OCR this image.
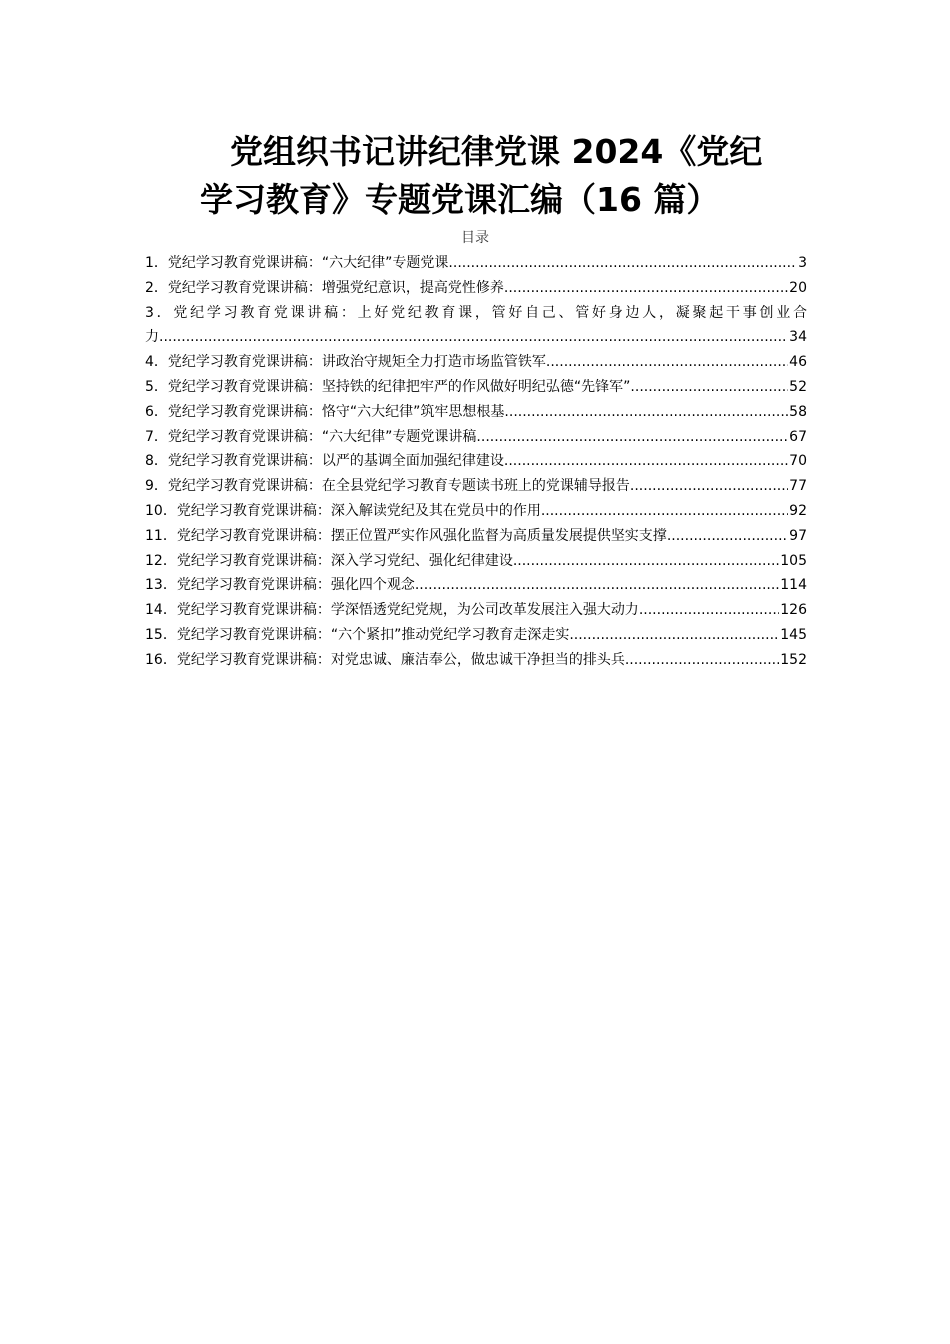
党组织书记讲纪律党课 2024《党纪
学习教育》专题党课汇编（16 篇）
目录
1．党纪学习教育党课讲稿：“六大纪律”专题党课 .....	3
2．党纪学习教育党课讲稿：增强党纪意识，提高党性修养 .....	20
3．党纪学习教育党课讲稿：上好党纪教育课，管好自己、管好身边人，凝聚起干事创业合
力 .....	34
4．党纪学习教育党课讲稿：讲政治守规矩全力打造市场监管铁军 .....	46
5．党纪学习教育党课讲稿：坚持铁的纪律把牢严的作风做好明纪弘德“先锋军” .....	52
6．党纪学习教育党课讲稿：恪守“六大纪律”筑牢思想根基 .....	58
7．党纪学习教育党课讲稿：“六大纪律”专题党课讲稿 .....	67
8．党纪学习教育党课讲稿：以严的基调全面加强纪律建设 .....	70
9．党纪学习教育党课讲稿：在全县党纪学习教育专题读书班上的党课辅导报告 .....	77
10．党纪学习教育党课讲稿：深入解读党纪及其在党员中的作用 .....	92
11．党纪学习教育党课讲稿：摆正位置严实作风强化监督为高质量发展提供坚实支撑 .....	97
12．党纪学习教育党课讲稿：深入学习党纪、强化纪律建设 .....	105
13．党纪学习教育党课讲稿：强化四个观念 .....	114
14．党纪学习教育党课讲稿：学深悟透党纪党规，为公司改革发展注入强大动力 .....	126
15．党纪学习教育党课讲稿：“六个紧扣”推动党纪学习教育走深走实 .....	145
16．党纪学习教育党课讲稿：对党忠诚、廉洁奉公，做忠诚干净担当的排头兵 .....	152
